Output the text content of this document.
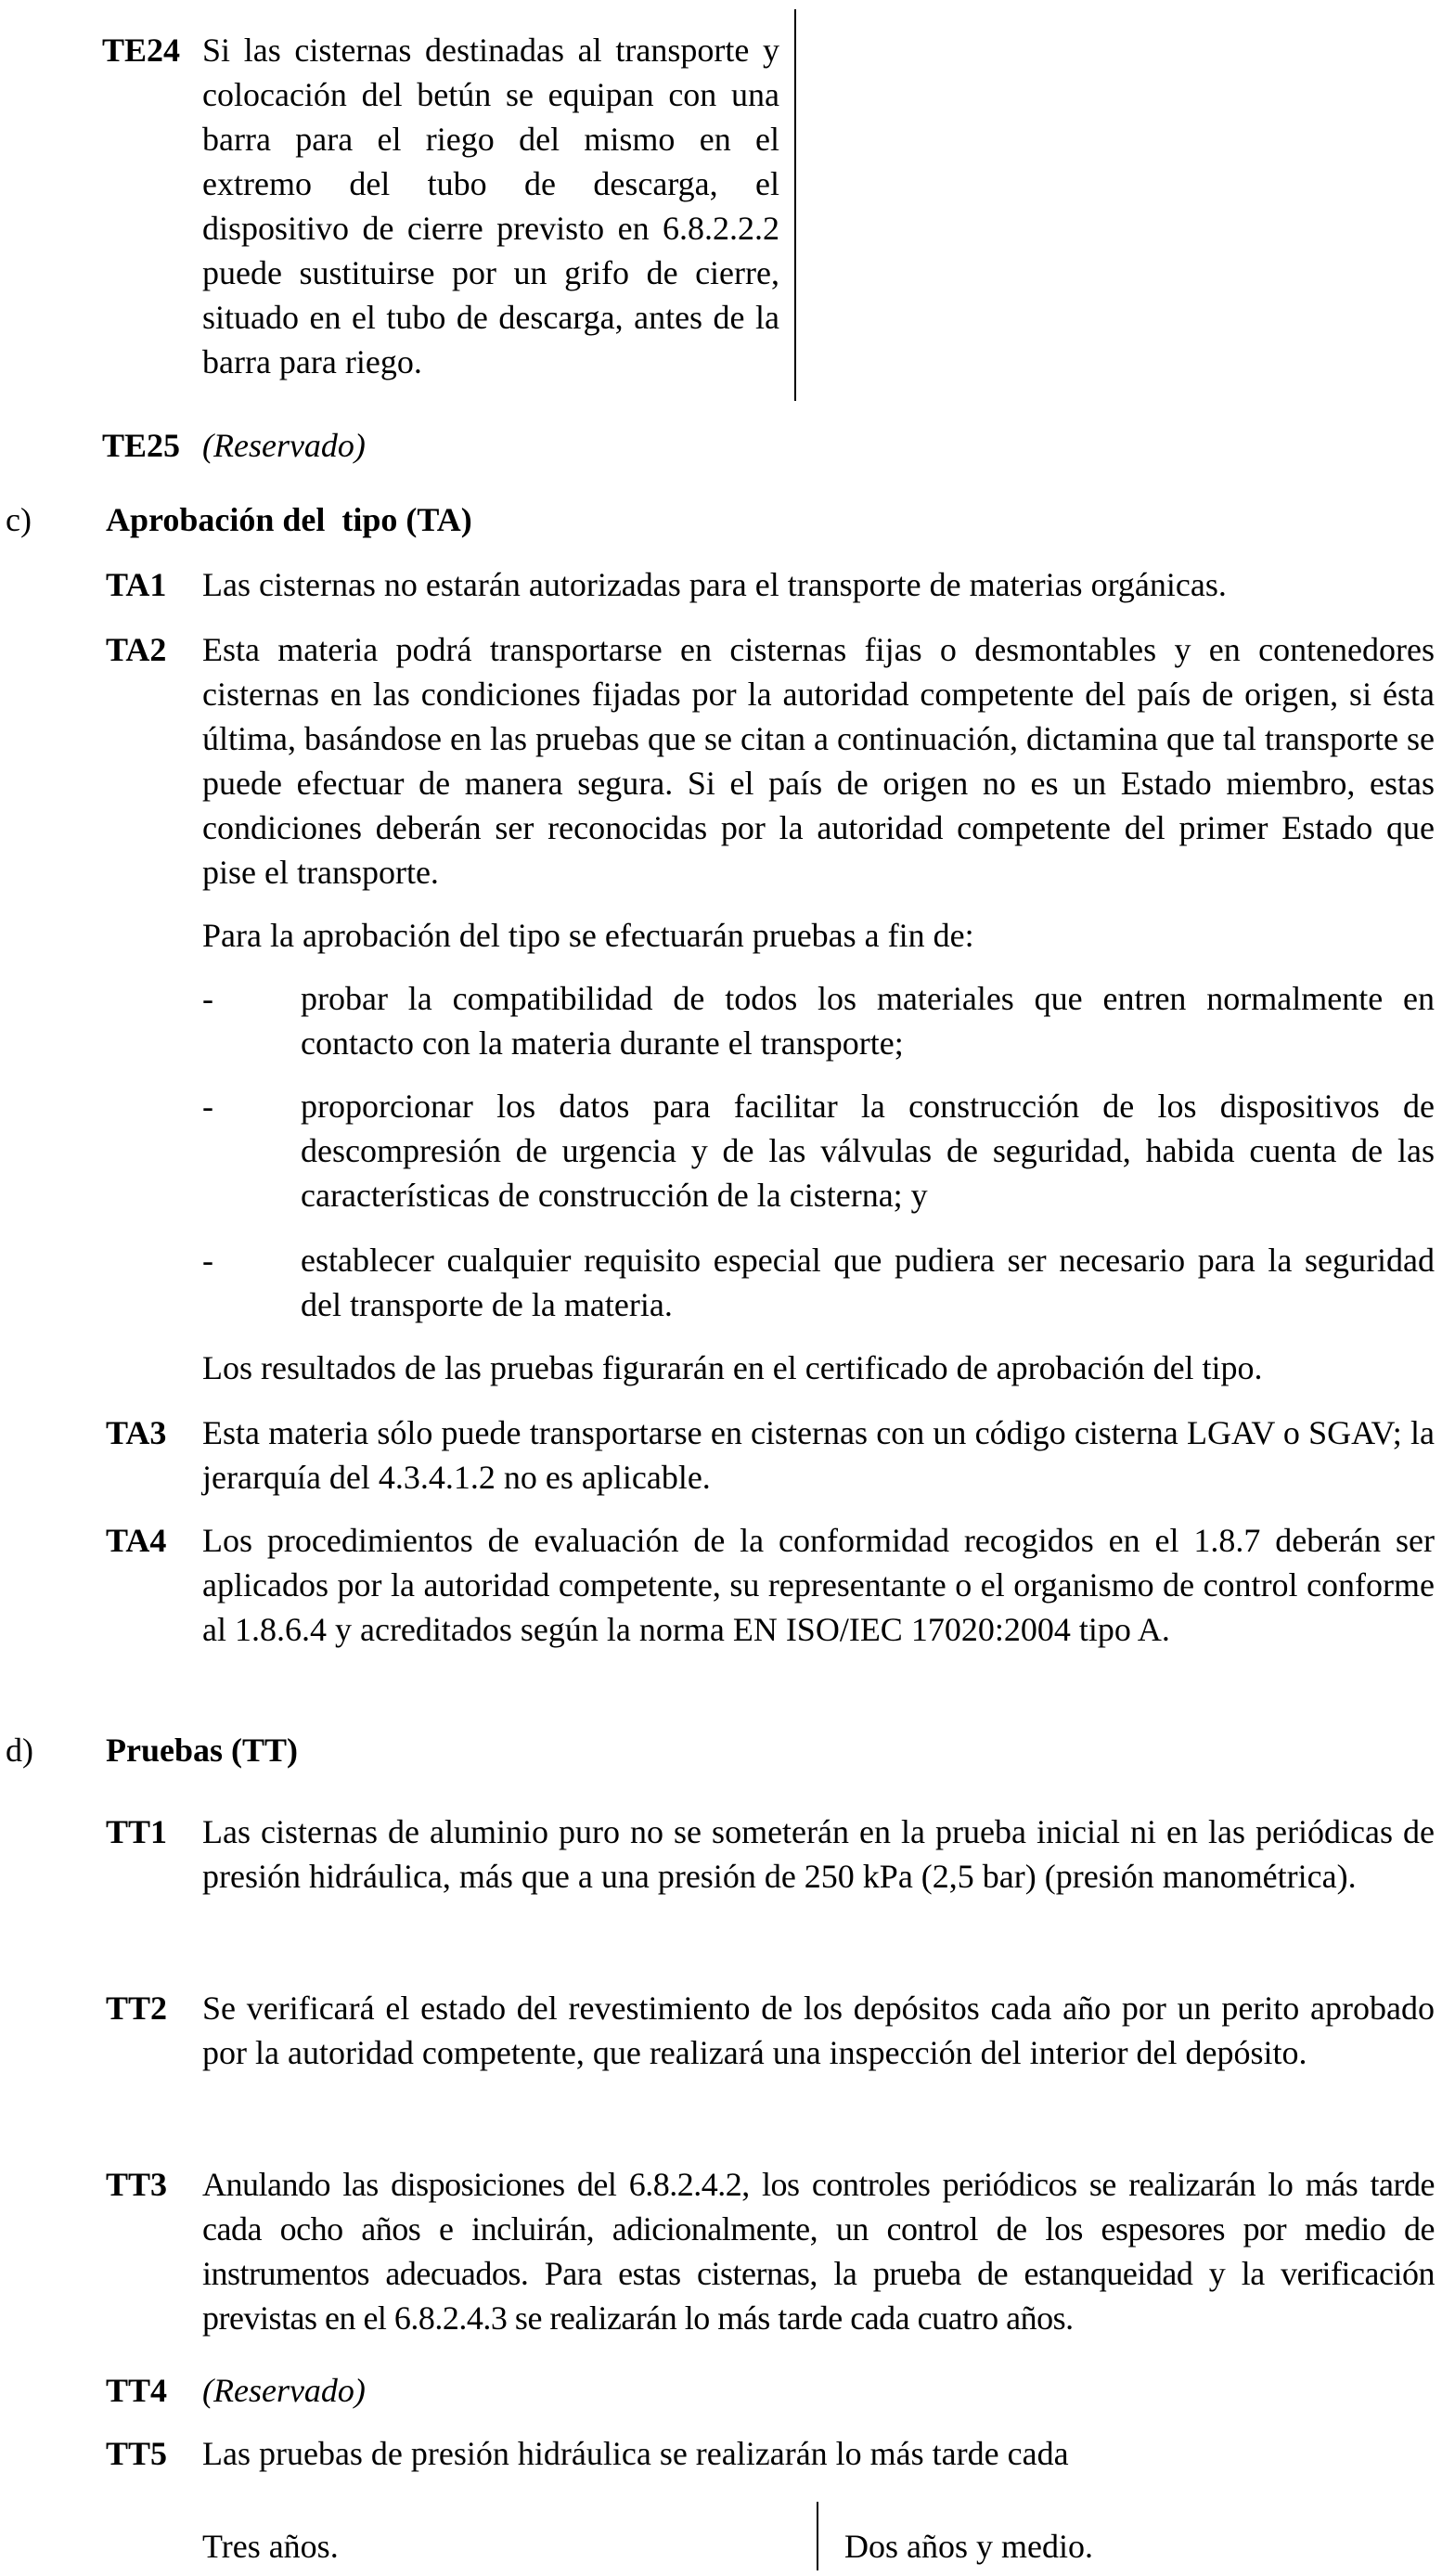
TE24 Si las cisternas destinadas al transporte y colocación del betún se equipan con una barra para el riego del mismo en el extremo del tubo de descarga, el dispositivo de cierre previsto en 6.8.2.2.2 puede sustituirse por un grifo de cierre, situado en el tubo de descarga, antes de la barra para riego.
TE25 (Reservado)
c) Aprobación del  tipo (TA)
TA1 Las cisternas no estarán autorizadas para el transporte de materias orgánicas.
TA2 Esta materia podrá transportarse en cisternas fijas o desmontables y en contenedores cisternas en las condiciones fijadas por la autoridad competente del país de origen, si ésta última, basándose en las pruebas que se citan a continuación, dictamina que tal transporte se puede efectuar de manera segura. Si el país de origen no es un Estado miembro, estas condiciones deberán ser reconocidas por la autoridad competente del primer Estado que pise el transporte.
Para la aprobación del tipo se efectuarán pruebas a fin de:
-	probar la compatibilidad de todos los materiales que entren normalmente en contacto con la materia durante el transporte;
-	proporcionar los datos para facilitar la construcción de los dispositivos de descompresión de urgencia y de las válvulas de seguridad, habida cuenta de las características de construcción de la cisterna; y
-	establecer cualquier requisito especial que pudiera ser necesario para la seguridad del transporte de la materia.
Los resultados de las pruebas figurarán en el certificado de aprobación del tipo.
TA3 Esta materia sólo puede transportarse en cisternas con un código cisterna LGAV o SGAV; la jerarquía del 4.3.4.1.2 no es aplicable.
TA4 Los procedimientos de evaluación de la conformidad recogidos en el 1.8.7 deberán ser aplicados por la autoridad competente, su representante o el organismo de control conforme al 1.8.6.4 y acreditados según la norma EN ISO/IEC 17020:2004 tipo A.
d) Pruebas (TT)
TT1 Las cisternas de aluminio puro no se someterán en la prueba inicial ni en las periódicas de presión hidráulica, más que a una presión de 250 kPa (2,5 bar) (presión manométrica).
TT2 Se verificará el estado del revestimiento de los depósitos cada año por un perito aprobado por la autoridad competente, que realizará una inspección del interior del depósito.
TT3 Anulando las disposiciones del 6.8.2.4.2, los controles periódicos se realizarán lo más tarde cada ocho años e incluirán, adicionalmente, un control de los espesores por medio de instrumentos adecuados. Para estas cisternas, la prueba de estanqueidad y la verificación previstas en el 6.8.2.4.3 se realizarán lo más tarde cada cuatro años.
TT4 (Reservado)
TT5 Las pruebas de presión hidráulica se realizarán lo más tarde cada
Tres años.	Dos años y medio.
